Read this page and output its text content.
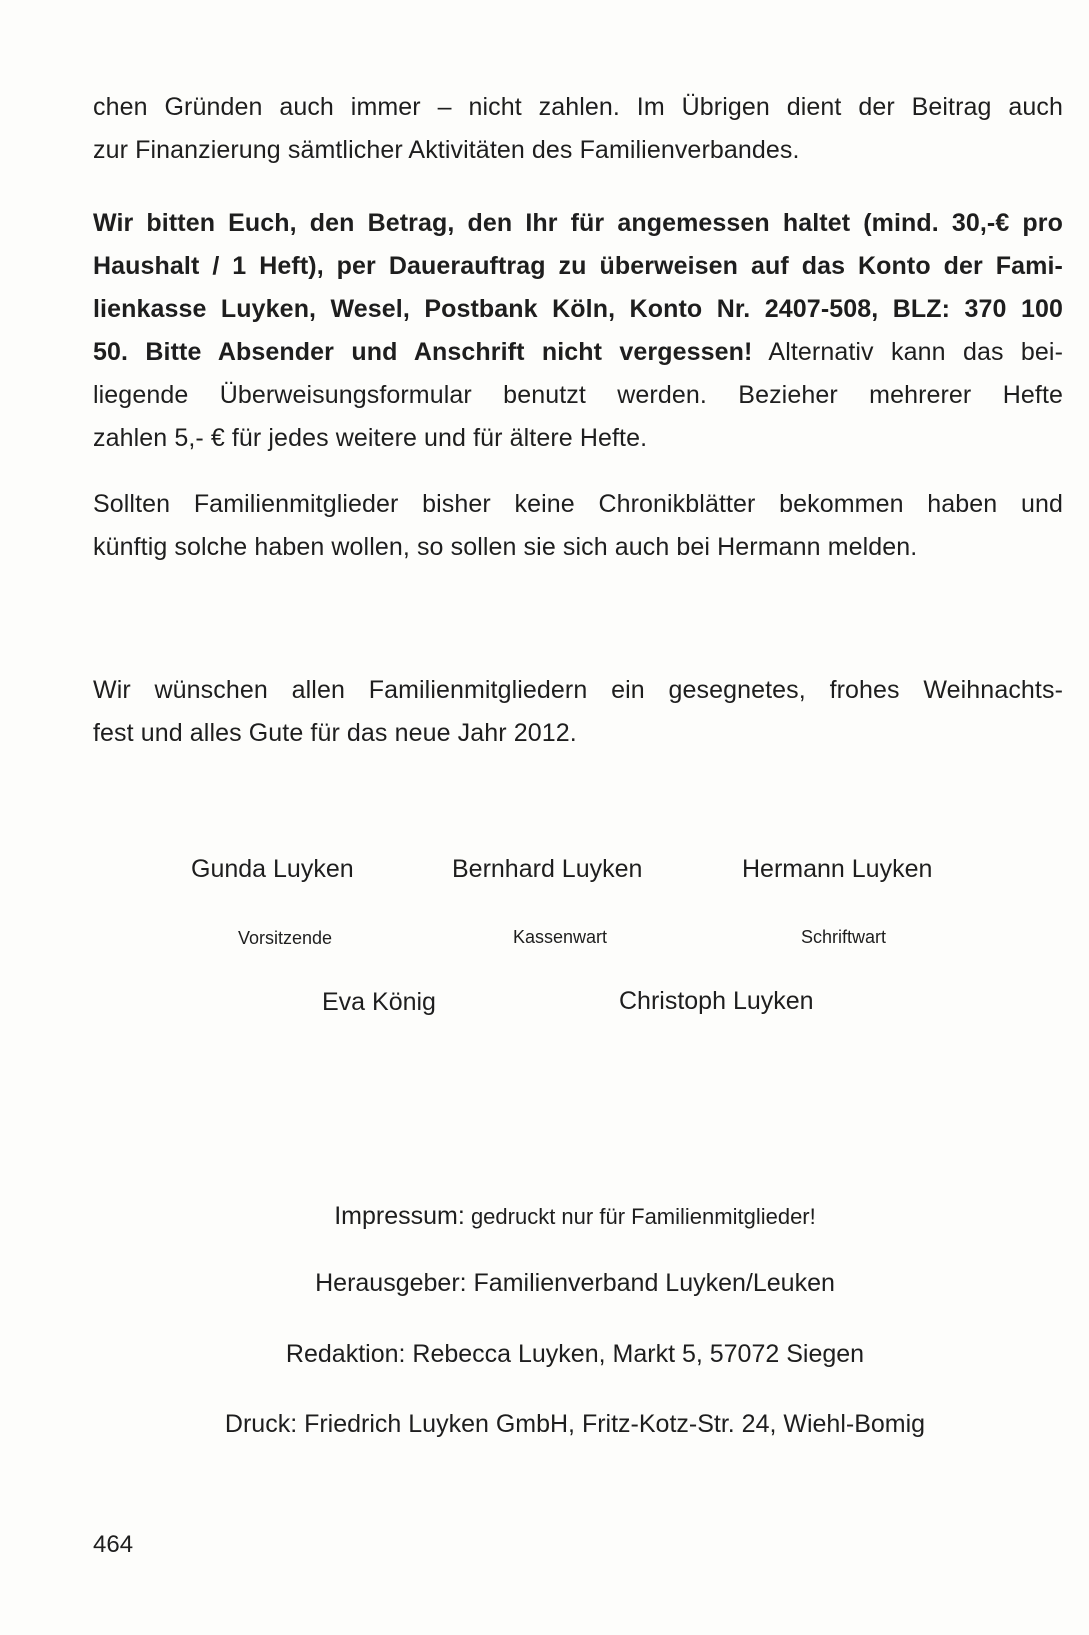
chen Gründen auch immer – nicht zahlen. Im Übrigen dient der Beitrag auch
zur Finanzierung sämtlicher Aktivitäten des Familienverbandes.

Wir bitten Euch, den Betrag, den Ihr für angemessen haltet (mind. 30,-€ pro
Haushalt / 1 Heft), per Dauerauftrag zu überweisen auf das Konto der Fami-
lienkasse Luyken, Wesel, Postbank Köln, Konto Nr. 2407-508, BLZ: 370 100
50. Bitte Absender und Anschrift nicht vergessen! Alternativ kann das bei-
liegende Überweisungsformular benutzt werden. Bezieher mehrerer Hefte
zahlen 5,- € für jedes weitere und für ältere Hefte.

Sollten Familienmitglieder bisher keine Chronikblätter bekommen haben und
künftig solche haben wollen, so sollen sie sich auch bei Hermann melden.

Wir wünschen allen Familienmitgliedern ein gesegnetes, frohes Weihnachts-
fest und alles Gute für das neue Jahr 2012.

Gunda Luyken	Bernhard Luyken	Hermann Luyken
Vorsitzende	Kassenwart	Schriftwart
Eva König	Christoph Luyken
Impressum: gedruckt nur für Familienmitglieder!
Herausgeber: Familienverband Luyken/Leuken
Redaktion: Rebecca Luyken, Markt 5, 57072 Siegen
Druck: Friedrich Luyken GmbH, Fritz-Kotz-Str. 24, Wiehl-Bomig
464
